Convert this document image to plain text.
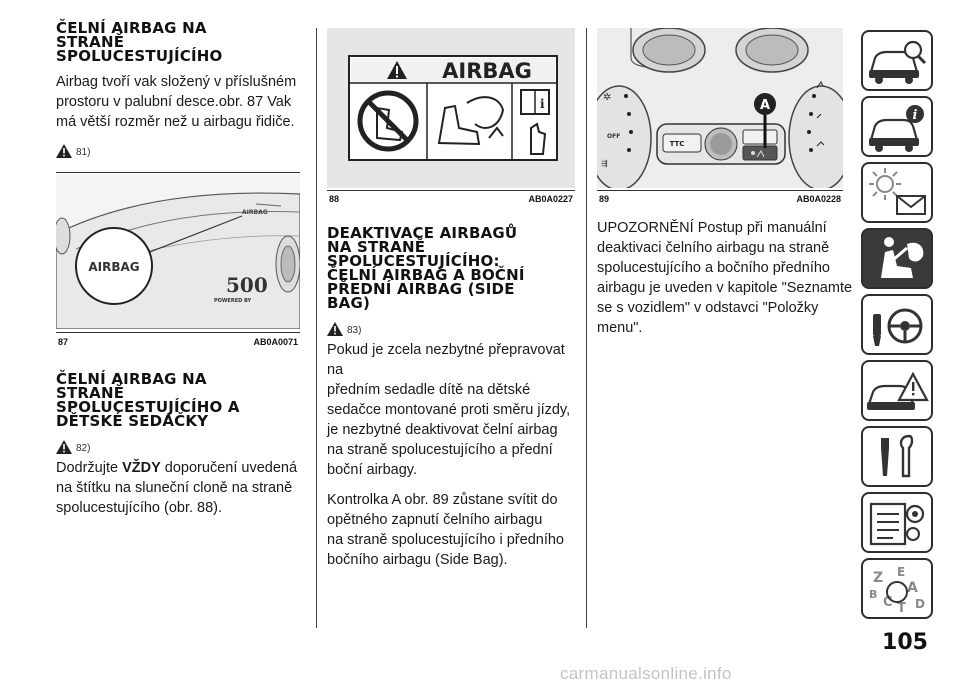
ČELNÍ AIRBAG NA
STRANĚ
SPOLUCESTUJÍCÍHO

Airbag tvoří vak složený v příslušném
prostoru v palubní desce.obr. 87 Vak
má větší rozměr než u airbagu řidiče.

81)
AIRBAG
AIRBAG
500
POWERED BY
87	AB0A0071
ČELNÍ AIRBAG NA
STRANĚ
SPOLUCESTUJÍCÍHO A
DĚTSKÉ SEDAČKY
82)

Dodržujte VŽDY doporučení uvedená
na štítku na sluneční cloně na straně
spolucestujícího (obr. 88).

AIRBAG
i
88	AB0A0227
DEAKTIVACE AIRBAGŮ
NA STRANĚ
SPOLUCESTUJÍCÍHO:
ČELNÍ AIRBAG A BOČNÍ
PŘEDNÍ AIRBAG (SIDE
BAG)
83)

Pokud je zcela nezbytné přepravovat na
předním sedadle dítě na dětské
sedačce montované proti směru jízdy,
je nezbytné deaktivovat čelní airbag
na straně spolucestujícího a přední
boční airbagy.

Kontrolka A obr. 89 zůstane svítit do
opětného zapnutí čelního airbagu
na straně spolucestujícího i předního
bočního airbagu (Side Bag).

✲
OFF
⇶
TTC
A
89	AB0A0228

UPOZORNĚNÍ Postup při manuální
deaktivaci čelního airbagu na straně
spolucestujícího a bočního předního
airbagu je uveden v kapitole "Seznamte
se s vozidlem" v odstavci "Položky
menu".

i
Z E
B A
C T D
105
carmanualsonline.info
